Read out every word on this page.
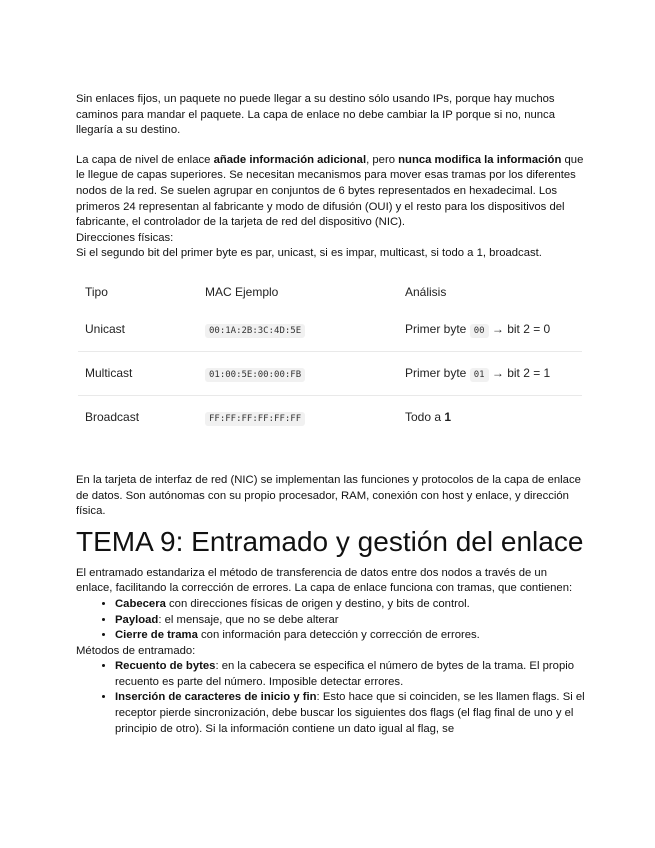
Sin enlaces fijos, un paquete no puede llegar a su destino sólo usando IPs, porque hay muchos caminos para mandar el paquete. La capa de enlace no debe cambiar la IP porque si no, nunca llegaría a su destino.

La capa de nivel de enlace añade información adicional, pero nunca modifica la información que le llegue de capas superiores. Se necesitan mecanismos para mover esas tramas por los diferentes nodos de la red. Se suelen agrupar en conjuntos de 6 bytes representados en hexadecimal. Los primeros 24 representan al fabricante y modo de difusión (OUI) y el resto para los dispositivos del fabricante, el controlador de la tarjeta de red del dispositivo (NIC).

Direcciones físicas:

Si el segundo bit del primer byte es par, unicast, si es impar, multicast, si todo a 1, broadcast.

Tipo	MAC Ejemplo	Análisis
Unicast	00:1A:2B:3C:4D:5E	Primer byte 00 → bit 2 = 0
Multicast	01:00:5E:00:00:FB	Primer byte 01 → bit 2 = 1
Broadcast	FF:FF:FF:FF:FF:FF	Todo a 1

En la tarjeta de interfaz de red (NIC) se implementan las funciones y protocolos de la capa de enlace de datos. Son autónomas con su propio procesador, RAM, conexión con host y enlace, y dirección física.

TEMA 9: Entramado y gestión del enlace

El entramado estandariza el método de transferencia de datos entre dos nodos a través de un enlace, facilitando la corrección de errores. La capa de enlace funciona con tramas, que contienen:

• Cabecera con direcciones físicas de origen y destino, y bits de control.
• Payload: el mensaje, que no se debe alterar
• Cierre de trama con información para detección y corrección de errores.

Métodos de entramado:

• Recuento de bytes: en la cabecera se especifica el número de bytes de la trama. El propio recuento es parte del número. Imposible detectar errores.
• Inserción de caracteres de inicio y fin: Esto hace que si coinciden, se les llamen flags. Si el receptor pierde sincronización, debe buscar los siguientes dos flags (el flag final de uno y el principio de otro). Si la información contiene un dato igual al flag, se
